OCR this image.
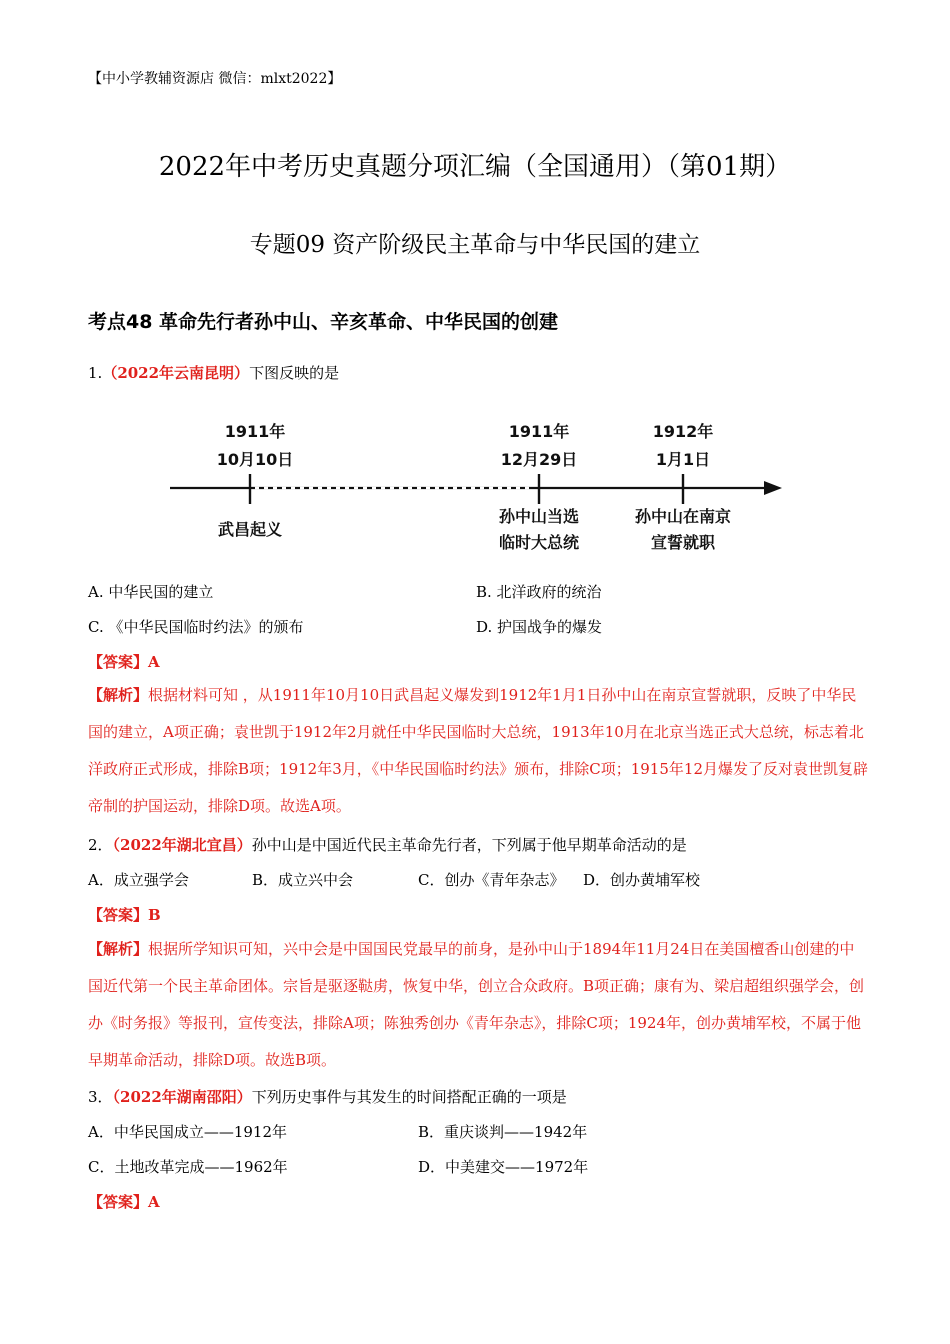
【中小学教辅资源店 微信：mlxt2022】
2022年中考历史真题分项汇编（全国通用）（第01期）
专题09 资产阶级民主革命与中华民国的建立
考点48 革命先行者孙中山、辛亥革命、中华民国的创建
1.（2022年云南昆明）下图反映的是
1911年
10月10日
武昌起义
1911年
12月29日
孙中山当选
临时大总统
1912年
1月1日
孙中山在南京
宣誓就职
A. 中华民国的建立	B. 北洋政府的统治
C. 《中华民国临时约法》的颁布	D. 护国战争的爆发
【答案】A
【解析】根据材料可知 ，从1911年10月10日武昌起义爆发到1912年1月1日孙中山在南京宣誓就职，反映了中华民国的建立，A项正确；袁世凯于1912年2月就任中华民国临时大总统，1913年10月在北京当选正式大总统，标志着北洋政府正式形成，排除B项；1912年3月，《中华民国临时约法》颁布，排除C项；1915年12月爆发了反对袁世凯复辟帝制的护国运动，排除D项。故选A项。
2．（2022年湖北宜昌）孙中山是中国近代民主革命先行者，下列属于他早期革命活动的是
A．成立强学会	B．成立兴中会	C．创办《青年杂志》 D．创办黄埔军校
【答案】B
【解析】根据所学知识可知，兴中会是中国国民党最早的前身，是孙中山于1894年11月24日在美国檀香山创建的中国近代第一个民主革命团体。宗旨是驱逐鞑虏，恢复中华，创立合众政府。B项正确；康有为、梁启超组织强学会，创办《时务报》等报刊，宣传变法，排除A项；陈独秀创办《青年杂志》，排除C项；1924年，创办黄埔军校，不属于他早期革命活动，排除D项。故选B项。
3．（2022年湖南邵阳）下列历史事件与其发生的时间搭配正确的一项是
A．中华民国成立——1912年	B．重庆谈判——1942年
C．土地改革完成——1962年	D．中美建交——1972年
【答案】A
